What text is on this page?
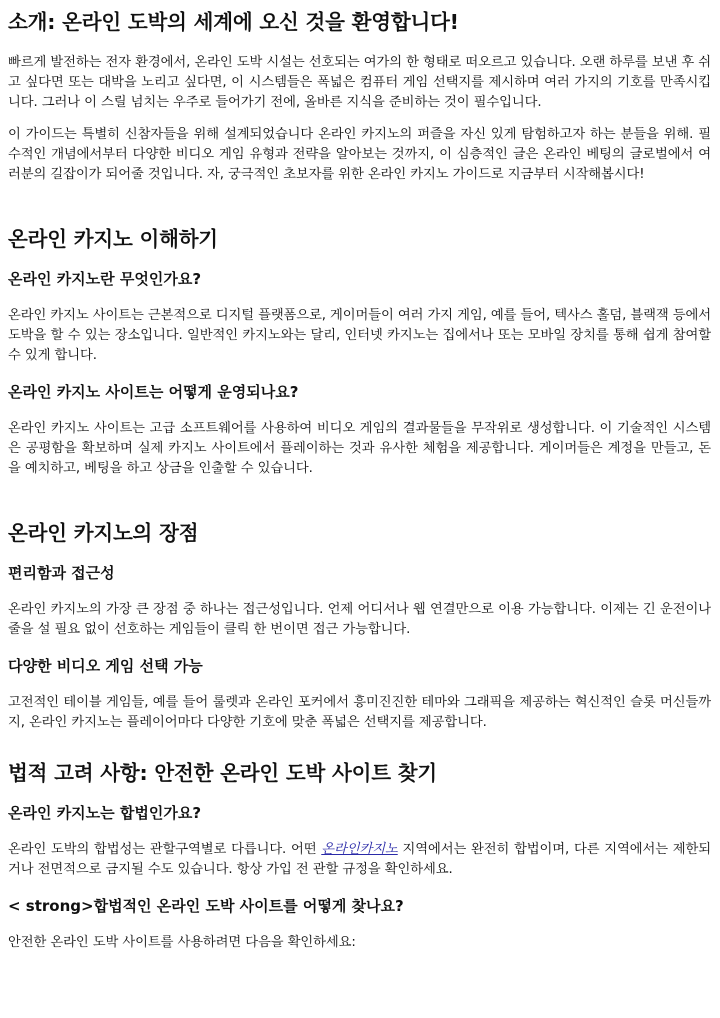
소개: 온라인 도박의 세계에 오신 것을 환영합니다!

빠르게 발전하는 전자 환경에서, 온라인 도박 시설는 선호되는 여가의 한 형태로 떠오르고 있습니다. 오랜 하루를 보낸 후 쉬고 싶다면 또는 대박을 노리고 싶다면, 이 시스템들은 폭넓은 컴퓨터 게임 선택지를 제시하며 여러 가지의 기호를 만족시킵니다. 그러나 이 스릴 넘치는 우주로 들어가기 전에, 올바른 지식을 준비하는 것이 필수입니다.

이 가이드는 특별히 신참자들을 위해 설계되었습니다 온라인 카지노의 퍼즐을 자신 있게 탐험하고자 하는 분들을 위해. 필수적인 개념에서부터 다양한 비디오 게임 유형과 전략을 알아보는 것까지, 이 심층적인 글은 온라인 베팅의 글로벌에서 여러분의 길잡이가 되어줄 것입니다. 자, 궁극적인 초보자를 위한 온라인 카지노 가이드로 지금부터 시작해봅시다!

온라인 카지노 이해하기
온라인 카지노란 무엇인가요?

온라인 카지노 사이트는 근본적으로 디지털 플랫폼으로, 게이머들이 여러 가지 게임, 예를 들어, 텍사스 홀덤, 블랙잭 등에서 도박을 할 수 있는 장소입니다. 일반적인 카지노와는 달리, 인터넷 카지노는 집에서나 또는 모바일 장치를 통해 쉽게 참여할 수 있게 합니다.

온라인 카지노 사이트는 어떻게 운영되나요?

온라인 카지노 사이트는 고급 소프트웨어를 사용하여 비디오 게임의 결과물들을 무작위로 생성합니다. 이 기술적인 시스템은 공평함을 확보하며 실제 카지노 사이트에서 플레이하는 것과 유사한 체험을 제공합니다. 게이머들은 계정을 만들고, 돈을 예치하고, 베팅을 하고 상금을 인출할 수 있습니다.

온라인 카지노의 장점
편리함과 접근성

온라인 카지노의 가장 큰 장점 중 하나는 접근성입니다. 언제 어디서나 웹 연결만으로 이용 가능합니다. 이제는 긴 운전이나 줄을 설 필요 없이 선호하는 게임들이 클릭 한 번이면 접근 가능합니다.

다양한 비디오 게임 선택 가능

고전적인 테이블 게임들, 예를 들어 룰렛과 온라인 포커에서 흥미진진한 테마와 그래픽을 제공하는 혁신적인 슬롯 머신들까지, 온라인 카지노는 플레이어마다 다양한 기호에 맞춘 폭넓은 선택지를 제공합니다.

법적 고려 사항: 안전한 온라인 도박 사이트 찾기
온라인 카지노는 합법인가요?

온라인 도박의 합법성는 관할구역별로 다릅니다. 어떤 온라인카지노 지역에서는 완전히 합법이며, 다른 지역에서는 제한되거나 전면적으로 금지될 수도 있습니다. 항상 가입 전 관할 규정을 확인하세요.

< strong>합법적인 온라인 도박 사이트를 어떻게 찾나요?

안전한 온라인 도박 사이트를 사용하려면 다음을 확인하세요:
